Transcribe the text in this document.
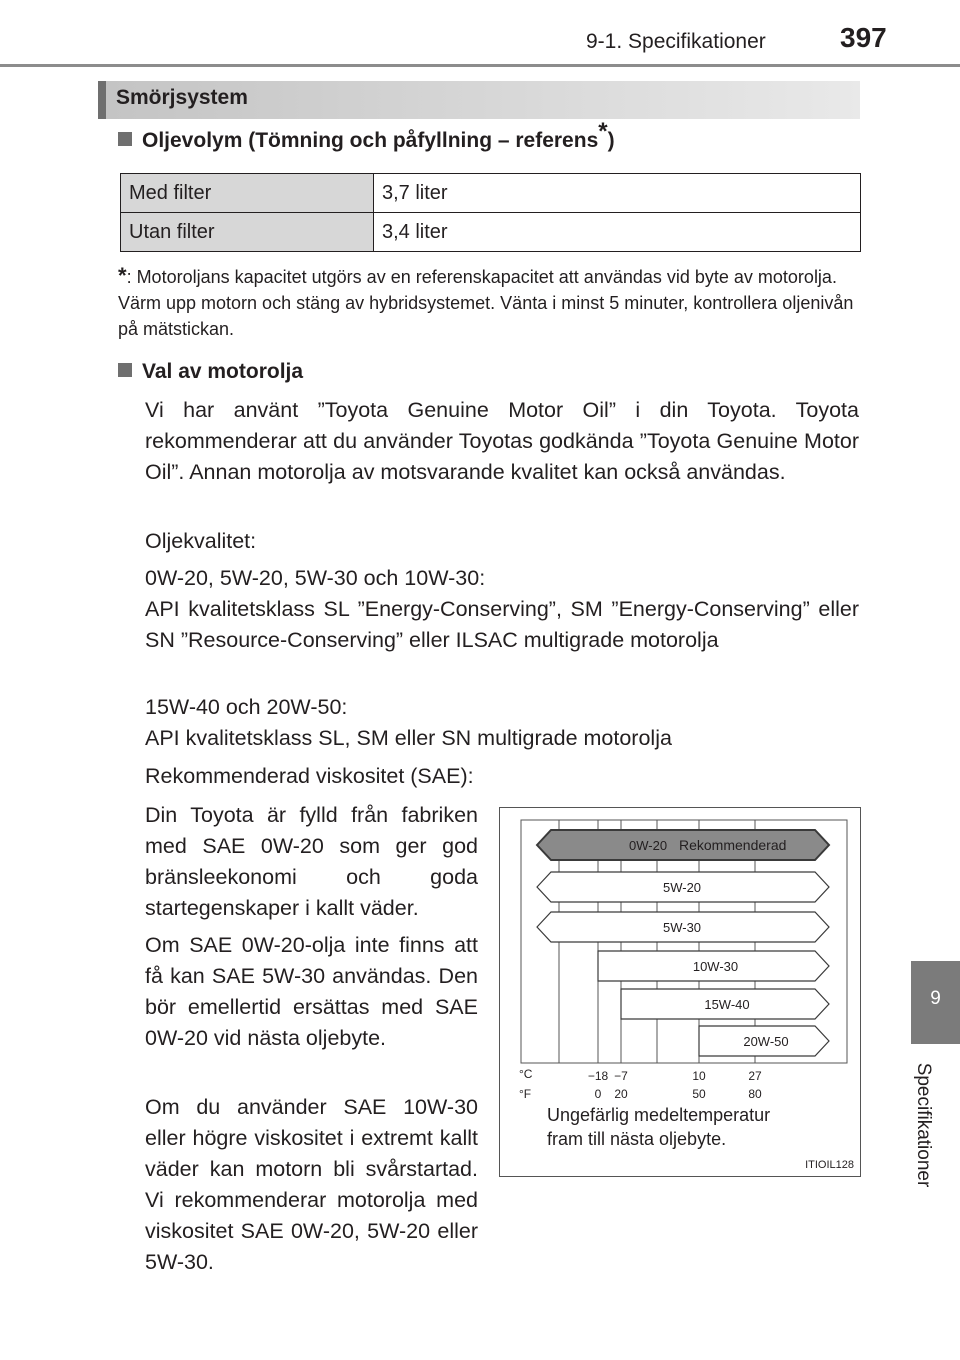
9-1. Specifikationer	397
9
Specifikationer
Smörjsystem
Oljevolym (Tömning och påfyllning – referens*)
Med filter	3,7 liter
Utan filter	3,4 liter
*: Motoroljans kapacitet utgörs av en referenskapacitet att användas vid byte av motorolja. Värm upp motorn och stäng av hybridsystemet. Vänta i minst 5 minuter, kontrollera oljenivån på mätstickan.
Val av motorolja
Vi har använt ”Toyota Genuine Motor Oil” i din Toyota. Toyota rekommenderar att du använder Toyotas godkända ”Toyota Genuine Motor Oil”. Annan motorolja av motsvarande kvalitet kan också användas.
Oljekvalitet:
0W-20, 5W-20, 5W-30 och 10W-30:
API kvalitetsklass SL ”Energy-Conserving”, SM ”Energy-Conserving” eller SN ”Resource-Conserving” eller ILSAC multigrade motorolja
15W-40 och 20W-50:
API kvalitetsklass SL, SM eller SN multigrade motorolja
Rekommenderad viskositet (SAE):
Din Toyota är fylld från fabriken med SAE 0W-20 som ger god bränsleekonomi och goda startegenskaper i kallt väder.
Om SAE 0W-20-olja inte finns att få kan SAE 5W-30 användas. Den bör emellertid ersättas med SAE 0W-20 vid nästa oljebyte.
Om du använder SAE 10W-30 eller högre viskositet i extremt kallt väder kan motorn bli svårstartad. Vi rekommenderar motorolja med viskositet SAE 0W-20, 5W-20 eller 5W-30.
0W-20 Rekommenderad
5W-20
5W-30
10W-30
15W-40
20W-50
°C
°F
−18 −7	10	27
0 20	50	80
Ungefärlig medeltemperatur fram till nästa oljebyte.
ITIOIL128
